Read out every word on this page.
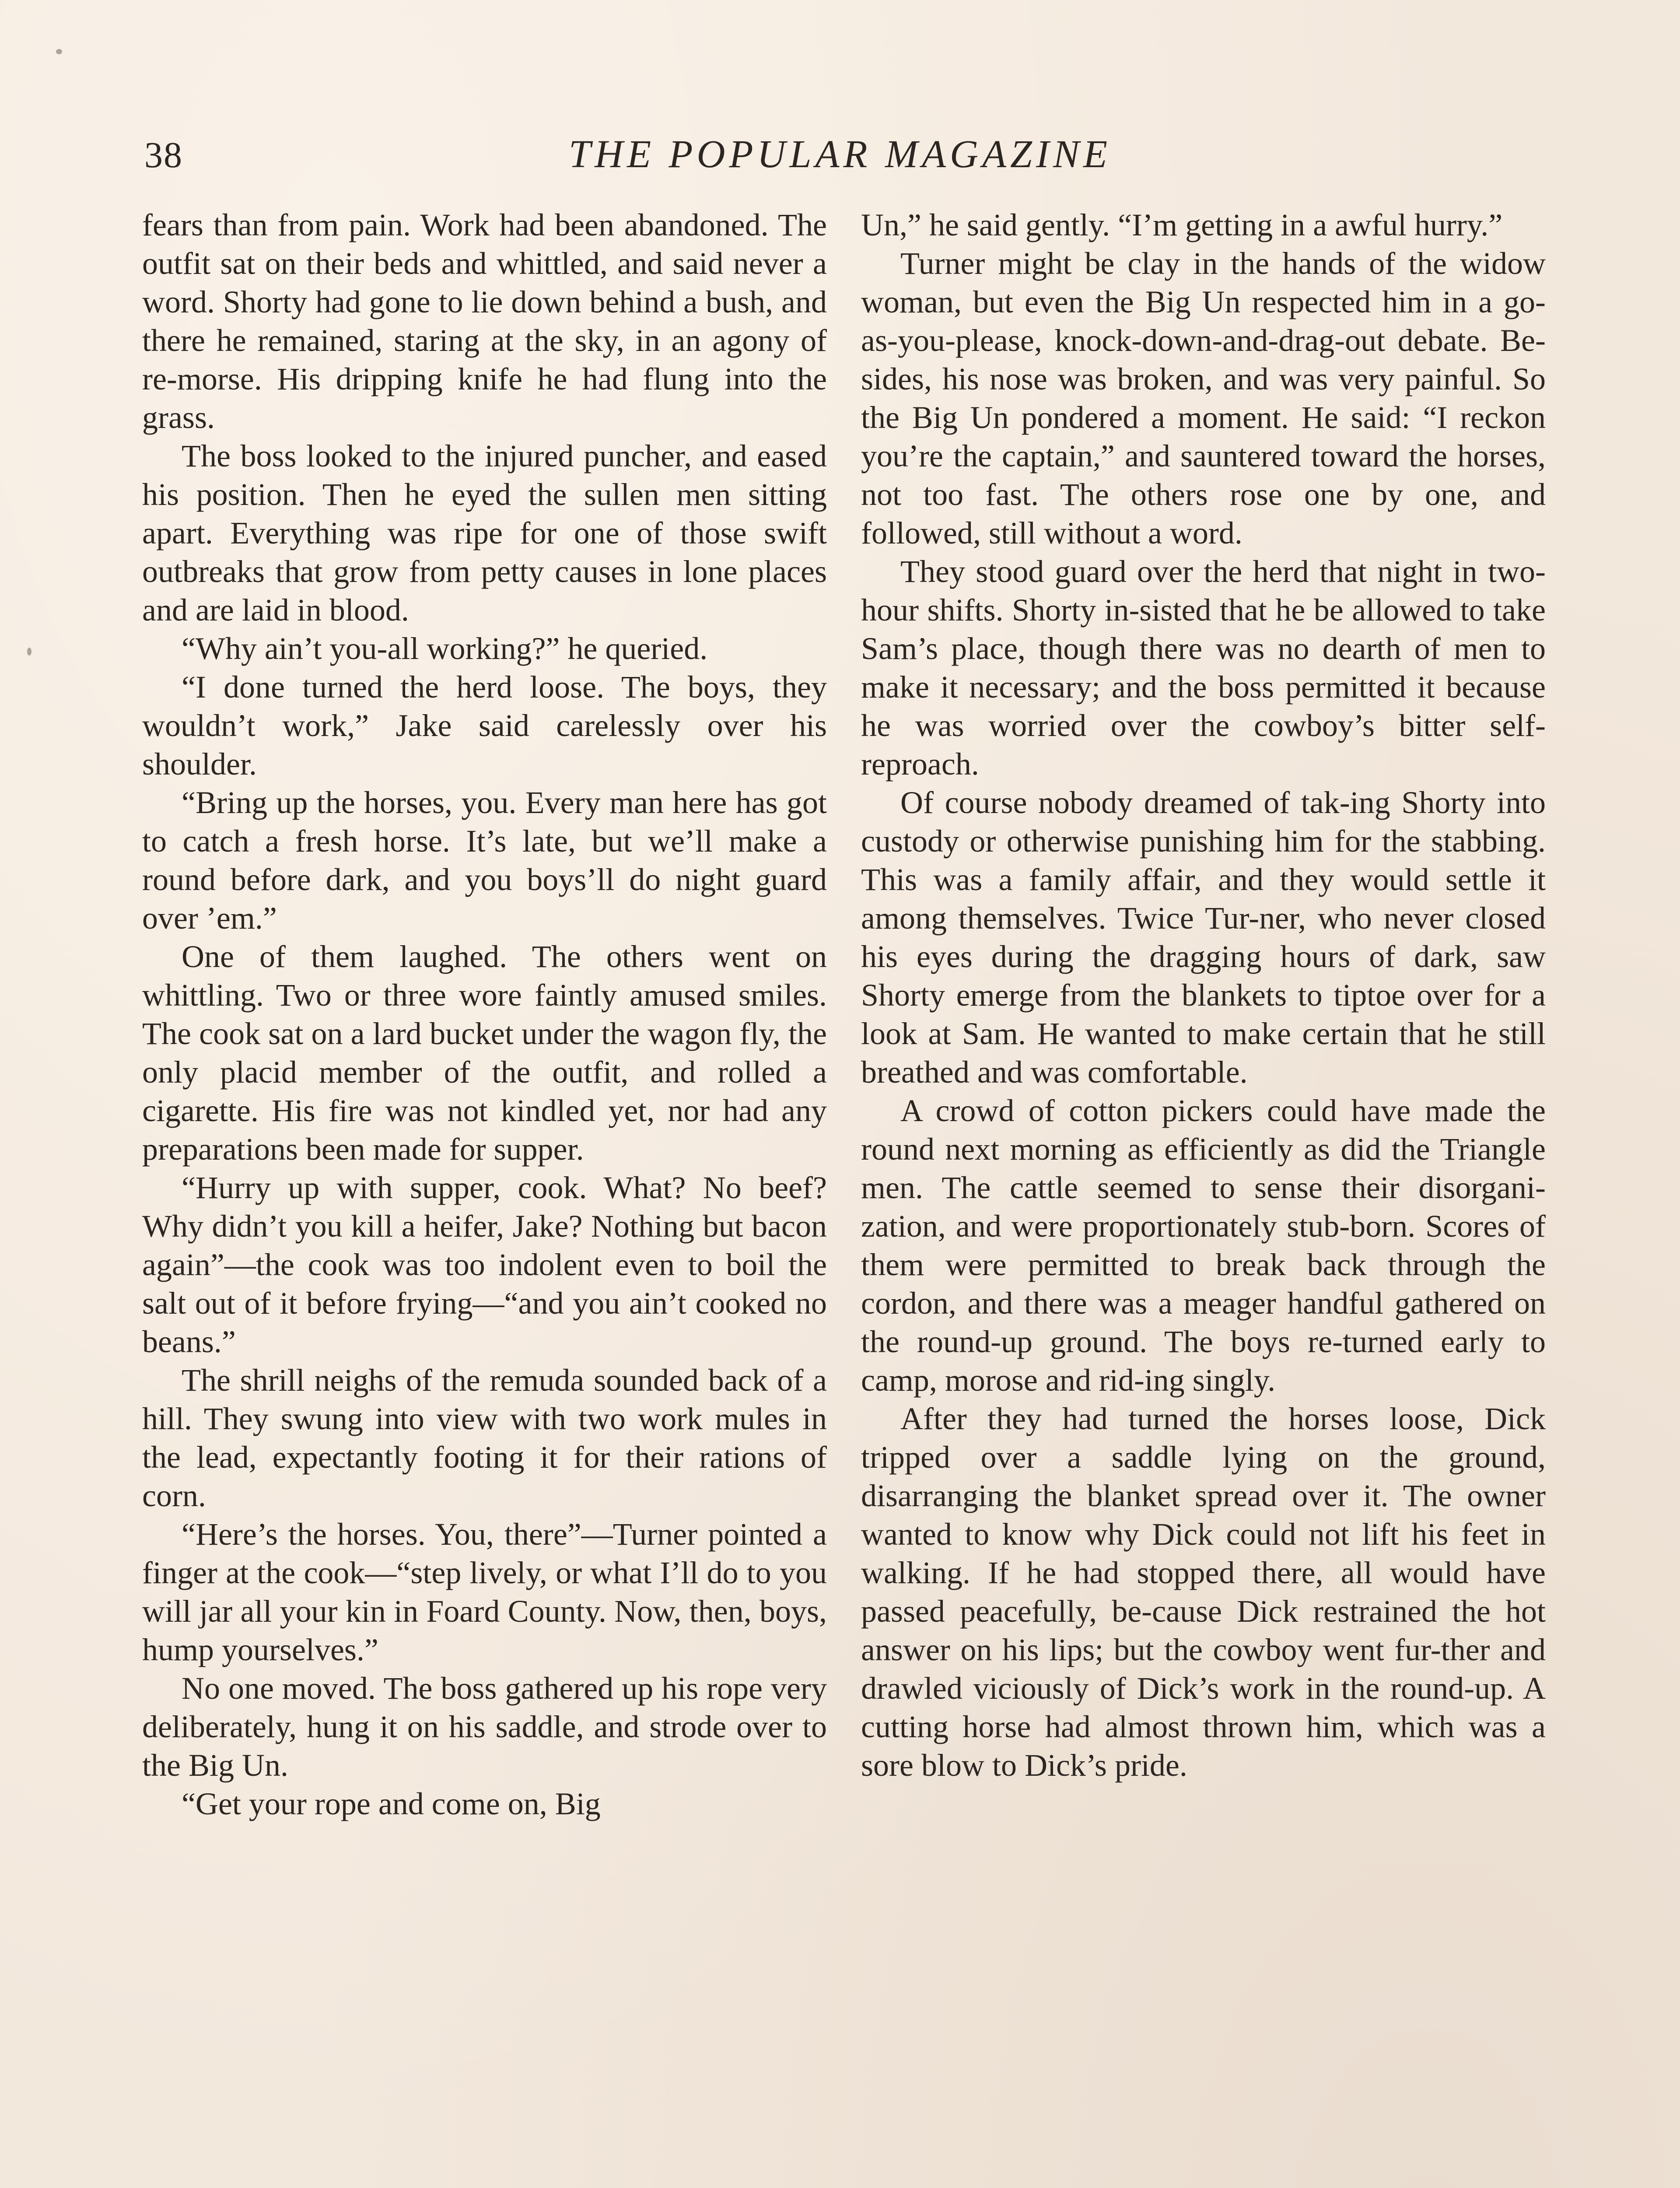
38	THE POPULAR MAGAZINE

fears than from pain. Work had been abandoned. The outfit sat on their beds and whittled, and said never a word. Shorty had gone to lie down behind a bush, and there he remained, staring at the sky, in an agony of re-morse. His dripping knife he had flung into the grass.

The boss looked to the injured puncher, and eased his position. Then he eyed the sullen men sitting apart. Everything was ripe for one of those swift outbreaks that grow from petty causes in lone places and are laid in blood.

“Why ain’t you-all working?” he queried.

“I done turned the herd loose. The boys, they wouldn’t work,” Jake said carelessly over his shoulder.

“Bring up the horses, you. Every man here has got to catch a fresh horse. It’s late, but we’ll make a round before dark, and you boys’ll do night guard over ’em.”

One of them laughed. The others went on whittling. Two or three wore faintly amused smiles. The cook sat on a lard bucket under the wagon fly, the only placid member of the outfit, and rolled a cigarette. His fire was not kindled yet, nor had any preparations been made for supper.

“Hurry up with supper, cook. What? No beef? Why didn’t you kill a heifer, Jake? Nothing but bacon again”—the cook was too indolent even to boil the salt out of it before frying—“and you ain’t cooked no beans.”

The shrill neighs of the remuda sounded back of a hill. They swung into view with two work mules in the lead, expectantly footing it for their rations of corn.

“Here’s the horses. You, there”—Turner pointed a finger at the cook—“step lively, or what I’ll do to you will jar all your kin in Foard County. Now, then, boys, hump yourselves.”

No one moved. The boss gathered up his rope very deliberately, hung it on his saddle, and strode over to the Big Un.

“Get your rope and come on, Big

Un,” he said gently. “I’m getting in a awful hurry.”

Turner might be clay in the hands of the widow woman, but even the Big Un respected him in a go-as-you-please, knock-down-and-drag-out debate. Be-sides, his nose was broken, and was very painful. So the Big Un pondered a moment. He said: “I reckon you’re the captain,” and sauntered toward the horses, not too fast. The others rose one by one, and followed, still without a word.

They stood guard over the herd that night in two-hour shifts. Shorty in-sisted that he be allowed to take Sam’s place, though there was no dearth of men to make it necessary; and the boss permitted it because he was worried over the cowboy’s bitter self-reproach.

Of course nobody dreamed of tak-ing Shorty into custody or otherwise punishing him for the stabbing. This was a family affair, and they would settle it among themselves. Twice Tur-ner, who never closed his eyes during the dragging hours of dark, saw Shorty emerge from the blankets to tiptoe over for a look at Sam. He wanted to make certain that he still breathed and was comfortable.

A crowd of cotton pickers could have made the round next morning as efficiently as did the Triangle men. The cattle seemed to sense their disorgani-zation, and were proportionately stub-born. Scores of them were permitted to break back through the cordon, and there was a meager handful gathered on the round-up ground. The boys re-turned early to camp, morose and rid-ing singly.

After they had turned the horses loose, Dick tripped over a saddle lying on the ground, disarranging the blanket spread over it. The owner wanted to know why Dick could not lift his feet in walking. If he had stopped there, all would have passed peacefully, be-cause Dick restrained the hot answer on his lips; but the cowboy went fur-ther and drawled viciously of Dick’s work in the round-up. A cutting horse had almost thrown him, which was a sore blow to Dick’s pride.
